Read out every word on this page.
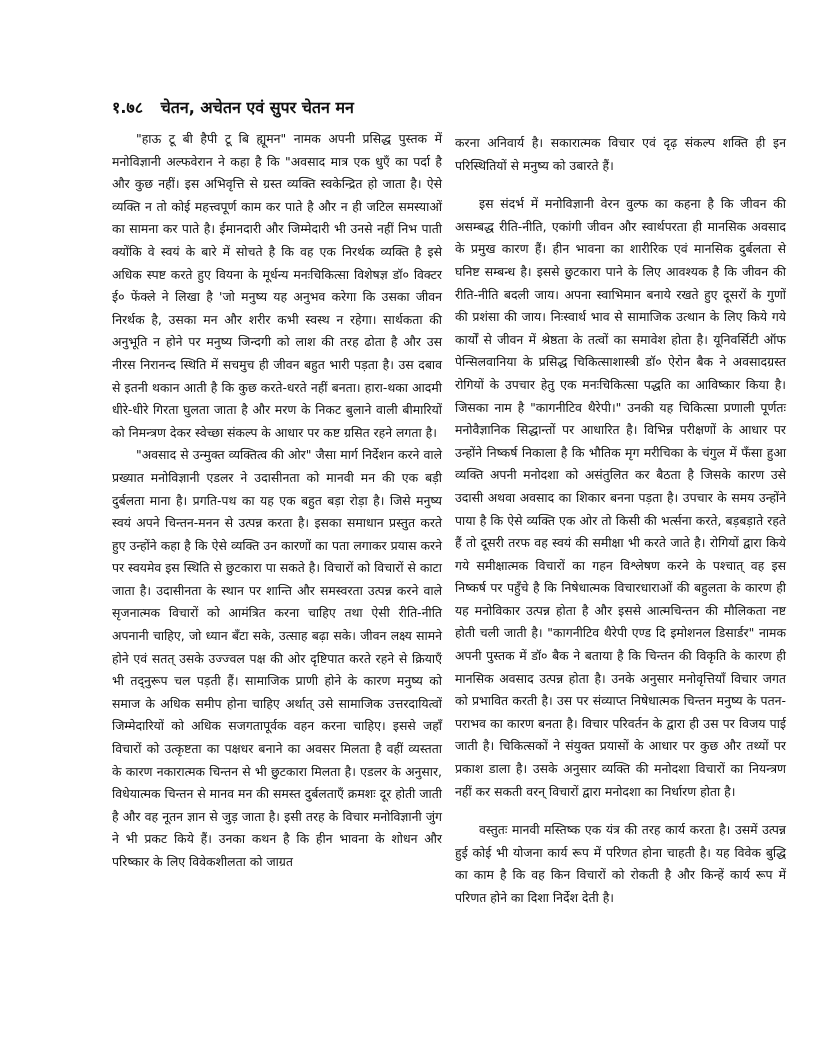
१.७८ चेतन, अचेतन एवं सुपर चेतन मन

"हाऊ टू बी हैपी टू बि ह्यूमन" नामक अपनी प्रसिद्ध पुस्तक में मनोविज्ञानी अल्फवेरान ने कहा है कि "अवसाद मात्र एक धुएँ का पर्दा है और कुछ नहीं। इस अभिवृत्ति से ग्रस्त व्यक्ति स्वकेन्द्रित हो जाता है। ऐसे व्यक्ति न तो कोई महत्त्वपूर्ण काम कर पाते है और न ही जटिल समस्याओं का सामना कर पाते है। ईमानदारी और जिम्मेदारी भी उनसे नहीं निभ पाती क्योंकि वे स्वयं के बारे में सोचते है कि वह एक निरर्थक व्यक्ति है इसे अधिक स्पष्ट करते हुए वियना के मूर्धन्य मनःचिकित्सा विशेषज्ञ डॉ० विक्टर ई० फेंक्ले ने लिखा है 'जो मनुष्य यह अनुभव करेगा कि उसका जीवन निरर्थक है, उसका मन और शरीर कभी स्वस्थ न रहेगा। सार्थकता की अनुभूति न होने पर मनुष्य जिन्दगी को लाश की तरह ढोता है और उस नीरस निरानन्द स्थिति में सचमुच ही जीवन बहुत भारी पड़ता है। उस दबाव से इतनी थकान आती है कि कुछ करते-धरते नहीं बनता। हारा-थका आदमी धीरे-धीरे गिरता घुलता जाता है और मरण के निकट बुलाने वाली बीमारियों को निमन्त्रण देकर स्वेच्छा संकल्प के आधार पर कष्ट ग्रसित रहने लगता है।

"अवसाद से उन्मुक्त व्यक्तित्व की ओर" जैसा मार्ग निर्देशन करने वाले प्रख्यात मनोविज्ञानी एडलर ने उदासीनता को मानवी मन की एक बड़ी दुर्बलता माना है। प्रगति-पथ का यह एक बहुत बड़ा रोड़ा है। जिसे मनुष्य स्वयं अपने चिन्तन-मनन से उत्पन्न करता है। इसका समाधान प्रस्तुत करते हुए उन्होंने कहा है कि ऐसे व्यक्ति उन कारणों का पता लगाकर प्रयास करने पर स्वयमेव इस स्थिति से छुटकारा पा सकते है। विचारों को विचारों से काटा जाता है। उदासीनता के स्थान पर शान्ति और समस्वरता उत्पन्न करने वाले सृजनात्मक विचारों को आमंत्रित करना चाहिए तथा ऐसी रीति-नीति अपनानी चाहिए, जो ध्यान बँटा सके, उत्साह बढ़ा सके। जीवन लक्ष्य सामने होने एवं सतत् उसके उज्ज्वल पक्ष की ओर दृष्टिपात करते रहने से क्रियाएँ भी तद्नुरूप चल पड़ती हैं। सामाजिक प्राणी होने के कारण मनुष्य को समाज के अधिक समीप होना चाहिए अर्थात् उसे सामाजिक उत्तरदायित्वों जिम्मेदारियों को अधिक सजगतापूर्वक वहन करना चाहिए। इससे जहाँ विचारों को उत्कृष्टता का पक्षधर बनाने का अवसर मिलता है वहीं व्यस्तता के कारण नकारात्मक चिन्तन से भी छुटकारा मिलता है। एडलर के अनुसार, विधेयात्मक चिन्तन से मानव मन की समस्त दुर्बलताएँ क्रमशः दूर होती जाती है और वह नूतन ज्ञान से जुड़ जाता है। इसी तरह के विचार मनोविज्ञानी जुंग ने भी प्रकट किये हैं। उनका कथन है कि हीन भावना के शोधन और परिष्कार के लिए विवेकशीलता को जाग्रत

करना अनिवार्य है। सकारात्मक विचार एवं दृढ़ संकल्प शक्ति ही इन परिस्थितियों से मनुष्य को उबारते हैं।

इस संदर्भ में मनोविज्ञानी वेरन वुल्फ का कहना है कि जीवन की असम्बद्ध रीति-नीति, एकांगी जीवन और स्वार्थपरता ही मानसिक अवसाद के प्रमुख कारण हैं। हीन भावना का शारीरिक एवं मानसिक दुर्बलता से घनिष्ट सम्बन्ध है। इससे छुटकारा पाने के लिए आवश्यक है कि जीवन की रीति-नीति बदली जाय। अपना स्वाभिमान बनाये रखते हुए दूसरों के गुणों की प्रशंसा की जाय। निःस्वार्थ भाव से सामाजिक उत्थान के लिए किये गये कार्यों से जीवन में श्रेष्ठता के तत्वों का समावेश होता है। यूनिवर्सिटी ऑफ पेन्सिलवानिया के प्रसिद्ध चिकित्साशास्त्री डॉ० ऐरोन बैक ने अवसादग्रस्त रोगियों के उपचार हेतु एक मनःचिकित्सा पद्धति का आविष्कार किया है। जिसका नाम है "कागनीटिव थैरेपी।" उनकी यह चिकित्सा प्रणाली पूर्णतः मनोवैज्ञानिक सिद्धान्तों पर आधारित है। विभिन्न परीक्षणों के आधार पर उन्होंने निष्कर्ष निकाला है कि भौतिक मृग मरीचिका के चंगुल में फँसा हुआ व्यक्ति अपनी मनोदशा को असंतुलित कर बैठता है जिसके कारण उसे उदासी अथवा अवसाद का शिकार बनना पड़ता है। उपचार के समय उन्होंने पाया है कि ऐसे व्यक्ति एक ओर तो किसी की भर्त्सना करते, बड़बड़ाते रहते हैं तो दूसरी तरफ वह स्वयं की समीक्षा भी करते जाते है। रोगियों द्वारा किये गये समीक्षात्मक विचारों का गहन विश्लेषण करने के पश्चात् वह इस निष्कर्ष पर पहुँचे है कि निषेधात्मक विचारधाराओं की बहुलता के कारण ही यह मनोविकार उत्पन्न होता है और इससे आत्मचिन्तन की मौलिकता नष्ट होती चली जाती है। "कागनीटिव थैरेपी एण्ड दि इमोशनल डिसार्डर" नामक अपनी पुस्तक में डॉ० बैक ने बताया है कि चिन्तन की विकृति के कारण ही मानसिक अवसाद उत्पन्न होता है। उनके अनुसार मनोवृत्तियाँ विचार जगत को प्रभावित करती है। उस पर संव्याप्त निषेधात्मक चिन्तन मनुष्य के पतन-पराभव का कारण बनता है। विचार परिवर्तन के द्वारा ही उस पर विजय पाई जाती है। चिकित्सकों ने संयुक्त प्रयासों के आधार पर कुछ और तथ्यों पर प्रकाश डाला है। उसके अनुसार व्यक्ति की मनोदशा विचारों का नियन्त्रण नहीं कर सकती वरन् विचारों द्वारा मनोदशा का निर्धारण होता है।

वस्तुतः मानवी मस्तिष्क एक यंत्र की तरह कार्य करता है। उसमें उत्पन्न हुई कोई भी योजना कार्य रूप में परिणत होना चाहती है। यह विवेक बुद्धि का काम है कि वह किन विचारों को रोकती है और किन्हें कार्य रूप में परिणत होने का दिशा निर्देश देती है।
